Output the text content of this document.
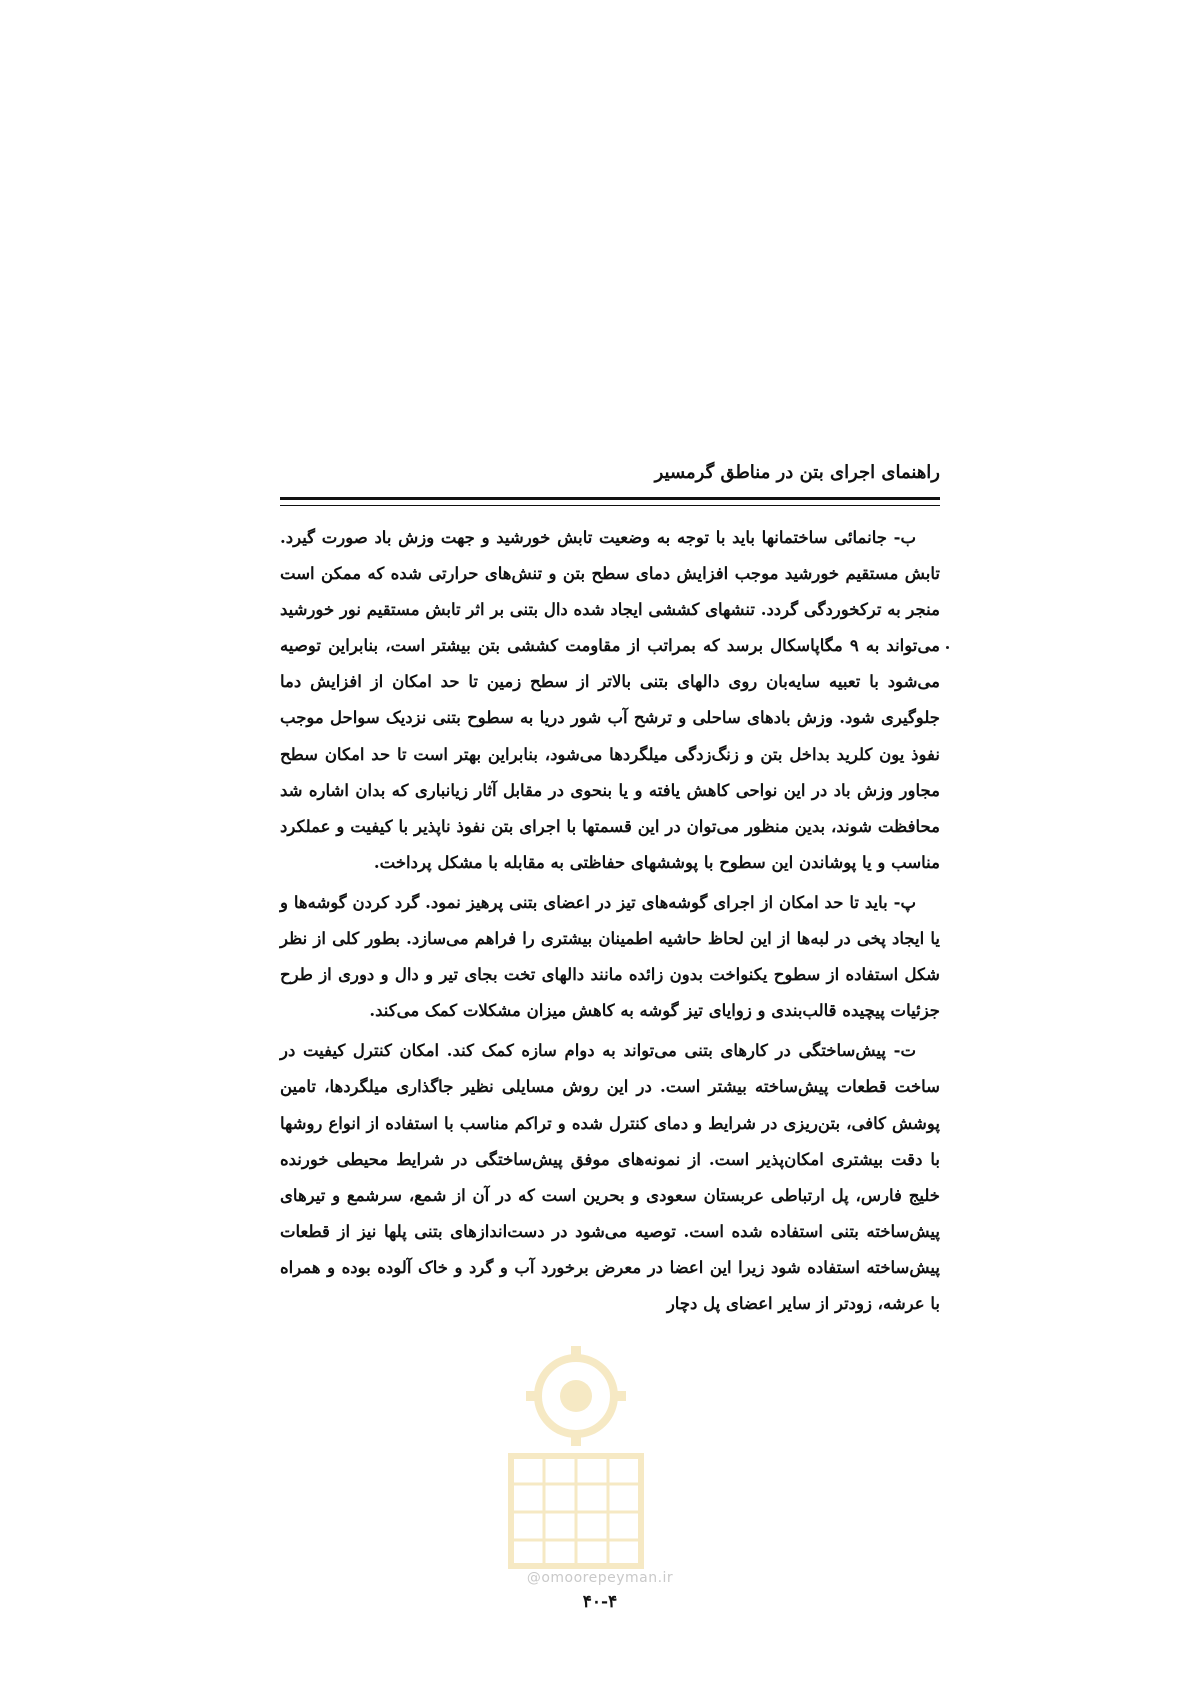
راهنمای اجرای بتن در مناطق گرمسیر

ب- جانمائی ساختمانها باید با توجه به وضعیت تابش خورشید و جهت وزش باد صورت گیرد. تابش مستقیم خورشید موجب افزایش دمای سطح بتن و تنش‌های حرارتی شده که ممکن است منجر به ترکخوردگی گردد. تنشهای کششی ایجاد شده دال بتنی بر اثر تابش مستقیم نور خورشید می‌تواند به ۹ مگاپاسکال برسد که بمراتب از مقاومت کششی بتن بیشتر است، بنابراین توصیه می‌شود با تعبیه سایه‌بان روی دالهای بتنی بالاتر از سطح زمین تا حد امکان از افزایش دما جلوگیری شود. وزش بادهای ساحلی و ترشح آب شور دریا به سطوح بتنی نزدیک سواحل موجب نفوذ یون کلرید بداخل بتن و زنگ‌زدگی میلگردها می‌شود، بنابراین بهتر است تا حد امکان سطح مجاور وزش باد در این نواحی کاهش یافته و یا بنحوی در مقابل آثار زیانباری که بدان اشاره شد محافظت شوند، بدین منظور می‌توان در این قسمتها با اجرای بتن نفوذ ناپذیر با کیفیت و عملکرد مناسب و یا پوشاندن این سطوح با پوششهای حفاظتی به مقابله با مشکل پرداخت.

پ- باید تا حد امکان از اجرای گوشه‌های تیز در اعضای بتنی پرهیز نمود. گرد کردن گوشه‌ها و یا ایجاد پخی در لبه‌ها از این لحاظ حاشیه اطمینان بیشتری را فراهم می‌سازد. بطور کلی از نظر شکل استفاده از سطوح یکنواخت بدون زائده مانند دالهای تخت بجای تیر و دال و دوری از طرح جزئیات پیچیده قالب‌بندی و زوایای تیز گوشه به کاهش میزان مشکلات کمک می‌کند.

ت- پیش‌ساختگی در کارهای بتنی می‌تواند به دوام سازه کمک کند. امکان کنترل کیفیت در ساخت قطعات پیش‌ساخته بیشتر است. در این روش مسایلی نظیر جاگذاری میلگردها، تامین پوشش کافی، بتن‌ریزی در شرایط و دمای کنترل شده و تراکم مناسب با استفاده از انواع روشها با دقت بیشتری امکان‌پذیر است. از نمونه‌های موفق پیش‌ساختگی در شرایط محیطی خورنده خلیج فارس، پل ارتباطی عربستان سعودی و بحرین است که در آن از شمع، سرشمع و تیرهای پیش‌ساخته بتنی استفاده شده است. توصیه می‌شود در دست‌اندازهای بتنی پلها نیز از قطعات پیش‌ساخته استفاده شود زیرا این اعضا در معرض برخورد آب و گرد و خاک آلوده بوده و همراه با عرشه، زودتر از سایر اعضای پل دچار

@omoorepeyman.ir
۴۰-۴
